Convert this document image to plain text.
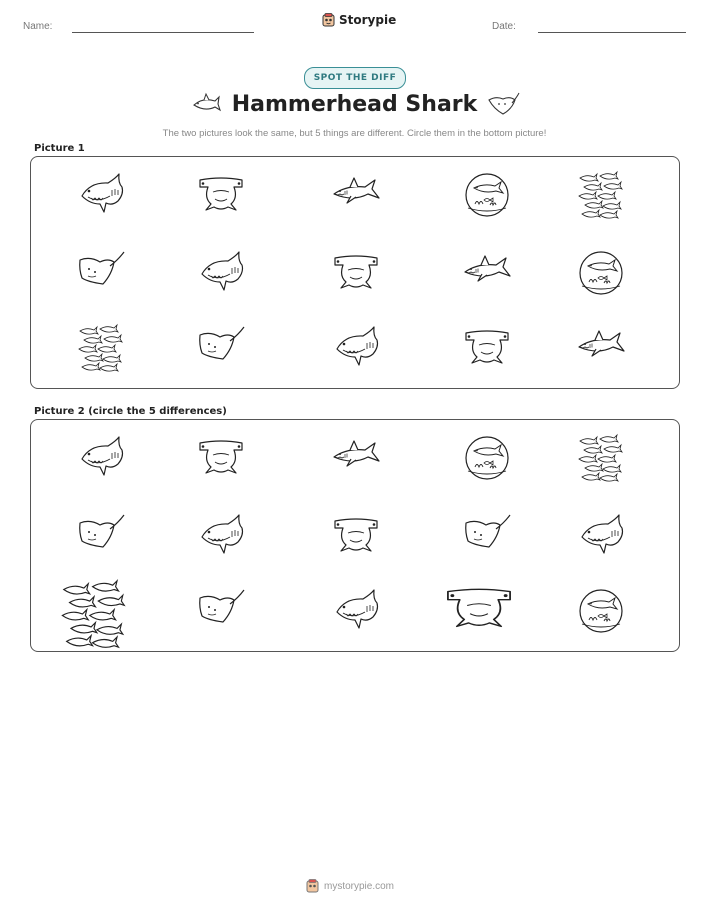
Name:	Storypie	Date:
SPOT THE DIFF
Hammerhead Shark
The two pictures look the same, but 5 things are different. Circle them in the bottom picture!
Picture 1
Picture 2 (circle the 5 differences)
mystorypie.com
